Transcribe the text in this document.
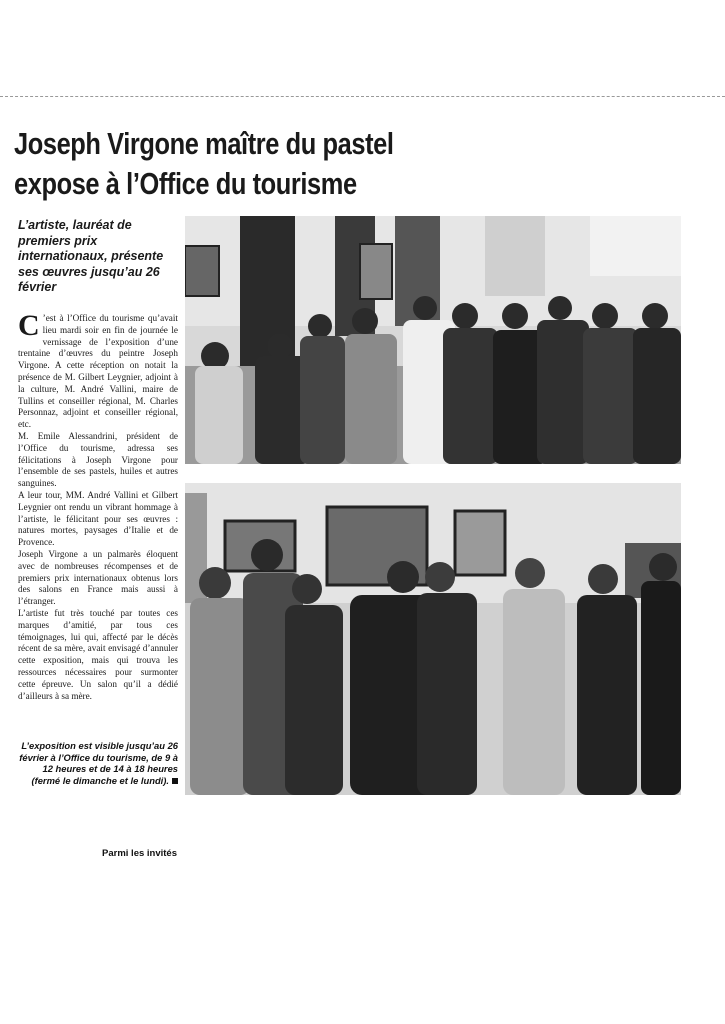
Joseph Virgone maître du pastel
expose à l’Office du tourisme
L’artiste, lauréat de premiers prix internationaux, présente ses œuvres jusqu’au 26 février

C ’est à l’Office du tourisme qu’avait lieu mardi soir en fin de journée le vernissage de l’exposition d’une trentaine d’œuvres du peintre Joseph Virgone. A cette réception on notait la présence de M. Gilbert Leygnier, adjoint à la culture, M. André Vallini, maire de Tullins et conseiller régional, M. Charles Personnaz, adjoint et conseiller régional, etc.

M. Emile Alessandrini, président de l’Office du tourisme, adressa ses félicitations à Joseph Virgone pour l’ensemble de ses pastels, huiles et autres sanguines.

A leur tour, MM. André Vallini et Gilbert Leygnier ont rendu un vibrant hommage à l’artiste, le félicitant pour ses œuvres : natures mortes, paysages d’Italie et de Provence.

Joseph Virgone a un palmarès éloquent avec de nombreuses récompenses et de premiers prix internationaux obtenus lors des salons en France mais aussi à l’étranger.

L’artiste fut très touché par toutes ces marques d’amitié, par tous ces témoignages, lui qui, affecté par le décès récent de sa mère, avait envisagé d’annuler cette exposition, mais qui trouva les ressources nécessaires pour surmonter cette épreuve. Un salon qu’il a dédié d’ailleurs à sa mère.

L’exposition est visible jusqu’au 26 février à l’Office du tourisme, de 9 à 12 heures et de 14 à 18 heures (fermé le dimanche et le lundi).
Parmi les invités
